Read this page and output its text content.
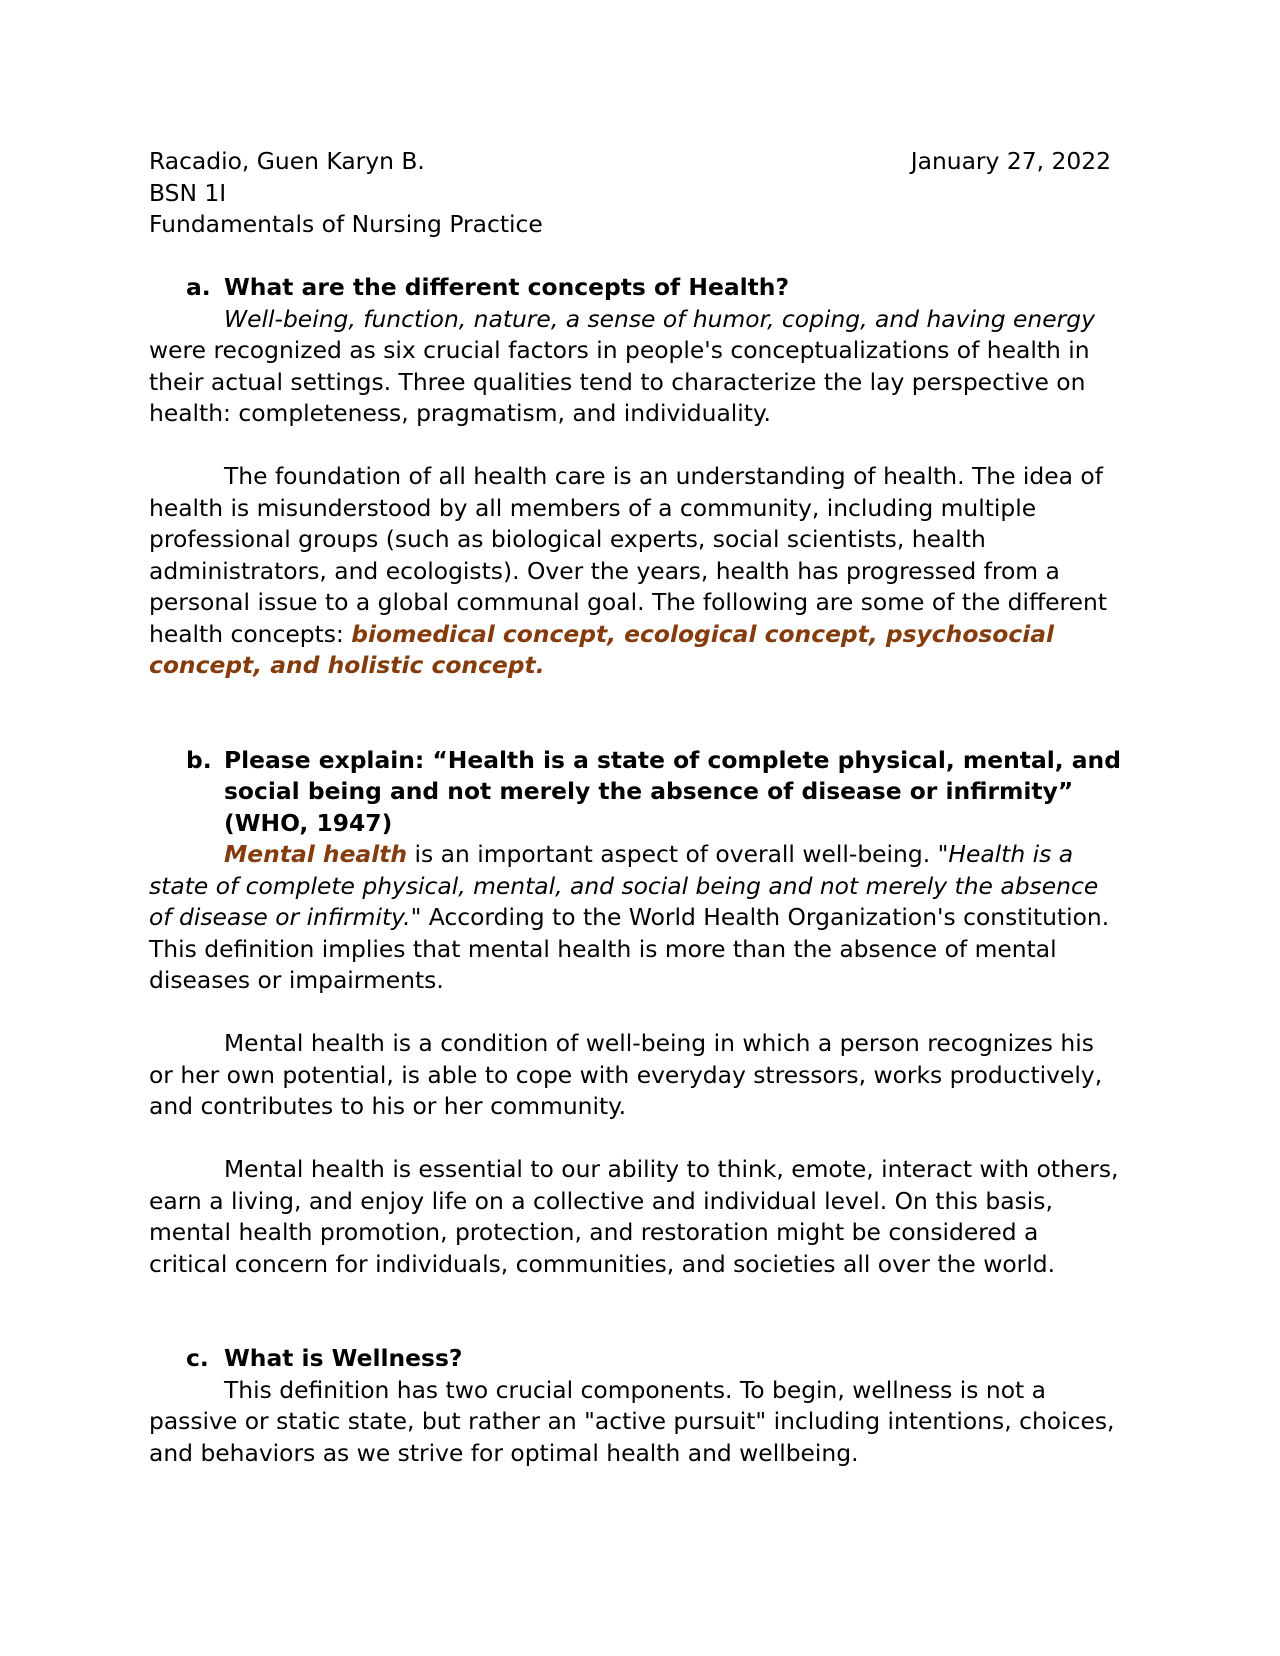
Racadio, Guen Karyn B.	January 27, 2022
BSN 1I
Fundamentals of Nursing Practice
a. What are the different concepts of Health?

Well-being, function, nature, a sense of humor, coping, and having energy were recognized as six crucial factors in people's conceptualizations of health in their actual settings. Three qualities tend to characterize the lay perspective on health: completeness, pragmatism, and individuality.

The foundation of all health care is an understanding of health. The idea of health is misunderstood by all members of a community, including multiple professional groups (such as biological experts, social scientists, health administrators, and ecologists). Over the years, health has progressed from a personal issue to a global communal goal. The following are some of the different health concepts: biomedical concept, ecological concept, psychosocial concept, and holistic concept.

b. Please explain: “Health is a state of complete physical, mental, and social being and not merely the absence of disease or infirmity” (WHO, 1947)

Mental health is an important aspect of overall well-being. "Health is a state of complete physical, mental, and social being and not merely the absence of disease or infirmity." According to the World Health Organization's constitution. This definition implies that mental health is more than the absence of mental diseases or impairments.

Mental health is a condition of well-being in which a person recognizes his or her own potential, is able to cope with everyday stressors, works productively, and contributes to his or her community.

Mental health is essential to our ability to think, emote, interact with others, earn a living, and enjoy life on a collective and individual level. On this basis, mental health promotion, protection, and restoration might be considered a critical concern for individuals, communities, and societies all over the world.

c. What is Wellness?

This definition has two crucial components. To begin, wellness is not a passive or static state, but rather an "active pursuit" including intentions, choices, and behaviors as we strive for optimal health and wellbeing.
